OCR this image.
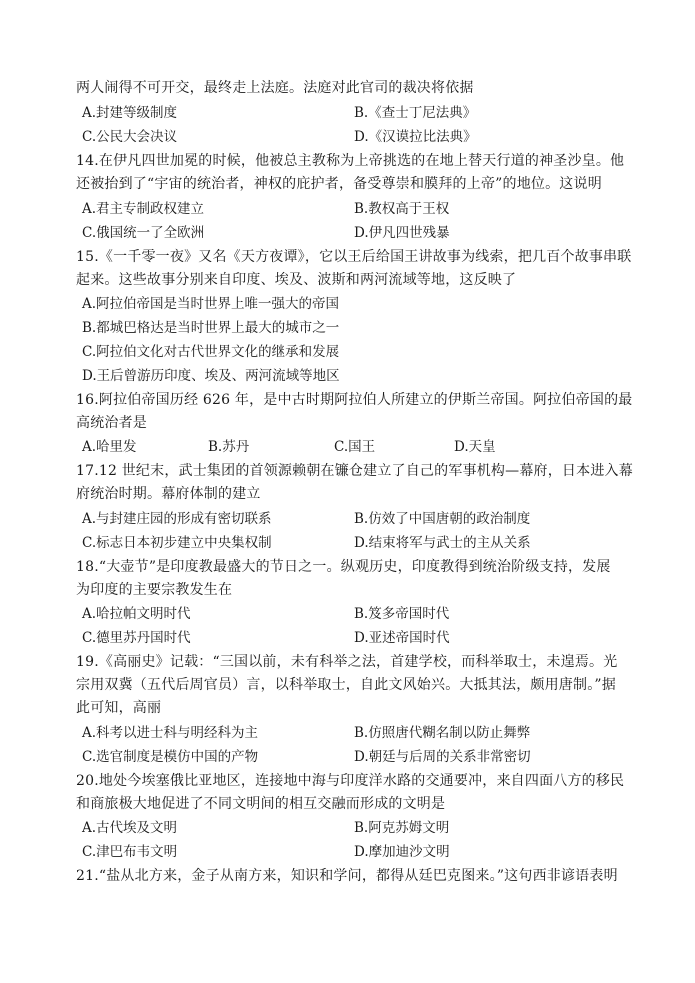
两人闹得不可开交，最终走上法庭。法庭对此官司的裁决将依据
A.封建等级制度	B.《查士丁尼法典》
C.公民大会决议	D.《汉谟拉比法典》
14.在伊凡四世加冕的时候，他被总主教称为上帝挑选的在地上替天行道的神圣沙皇。他
还被抬到了“宇宙的统治者，神权的庇护者，备受尊崇和膜拜的上帝”的地位。这说明
A.君主专制政权建立	B.教权高于王权
C.俄国统一了全欧洲	D.伊凡四世残暴
15.《一千零一夜》又名《天方夜谭》，它以王后给国王讲故事为线索，把几百个故事串联
起来。这些故事分别来自印度、埃及、波斯和两河流域等地，这反映了
A.阿拉伯帝国是当时世界上唯一强大的帝国
B.都城巴格达是当时世界上最大的城市之一
C.阿拉伯文化对古代世界文化的继承和发展
D.王后曾游历印度、埃及、两河流域等地区
16.阿拉伯帝国历经 626 年，是中古时期阿拉伯人所建立的伊斯兰帝国。阿拉伯帝国的最
高统治者是
A.哈里发	B.苏丹	C.国王	D.天皇
17.12 世纪末，武士集团的首领源赖朝在镰仓建立了自己的军事机构—幕府，日本进入幕
府统治时期。幕府体制的建立
A.与封建庄园的形成有密切联系	B.仿效了中国唐朝的政治制度
C.标志日本初步建立中央集权制	D.结束将军与武士的主从关系
18.“大壶节”是印度教最盛大的节日之一。纵观历史，印度教得到统治阶级支持，发展
为印度的主要宗教发生在
A.哈拉帕文明时代	B.笈多帝国时代
C.德里苏丹国时代	D.亚述帝国时代
19.《高丽史》记载：“三国以前，未有科举之法，首建学校，而科举取士，未遑焉。光
宗用双冀（五代后周官员）言，以科举取士，自此文风始兴。大抵其法，颇用唐制。”据
此可知，高丽
A.科考以进士科与明经科为主	B.仿照唐代糊名制以防止舞弊
C.选官制度是模仿中国的产物	D.朝廷与后周的关系非常密切
20.地处今埃塞俄比亚地区，连接地中海与印度洋水路的交通要冲，来自四面八方的移民
和商旅极大地促进了不同文明间的相互交融而形成的文明是
A.古代埃及文明	B.阿克苏姆文明
C.津巴布韦文明	D.摩加迪沙文明
21.“盐从北方来，金子从南方来，知识和学问，都得从廷巴克图来。”这句西非谚语表明
